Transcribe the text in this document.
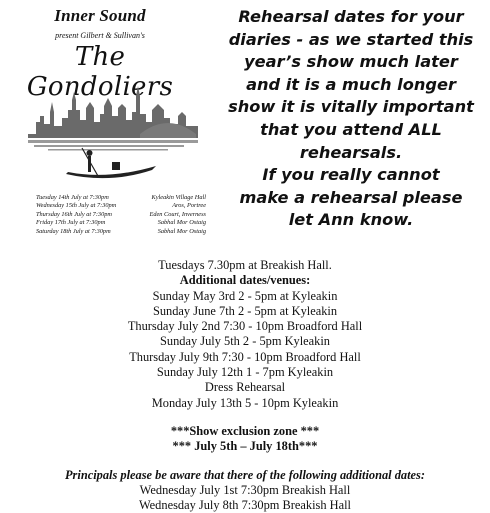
Inner Sound
present Gilbert & Sullivan's
The Gondoliers
Tuesday 14th July at 7:30pm	Kyleakin Village Hall
Wednesday 15th July at 7:30pm	Aros, Portree
Thursday 16th July at 7:30pm	Eden Court, Inverness
Friday 17th July at 7:30pm	Sabhal Mor Ostaig
Saturday 18th July at 7:30pm	Sabhal Mor Ostaig
Rehearsal dates for your
diaries - as we started this
year’s show much later
and it is a much longer
show it is vitally important
that you attend ALL
rehearsals.
If you really cannot
make a rehearsal please
let Ann know.
Tuesdays 7.30pm at Breakish Hall.
Additional dates/venues:
Sunday May 3rd 2 - 5pm at Kyleakin
Sunday June 7th 2 - 5pm at Kyleakin
Thursday July 2nd 7:30 - 10pm Broadford Hall
Sunday July 5th 2 - 5pm Kyleakin
Thursday July 9th 7:30 - 10pm Broadford Hall
Sunday July 12th 1 - 7pm Kyleakin
Dress Rehearsal
Monday July 13th 5 - 10pm Kyleakin
***Show exclusion zone ***
*** July 5th – July 18th***
Principals please be aware that there of the following additional dates:
Wednesday July 1st 7:30pm Breakish Hall
Wednesday July 8th 7:30pm Breakish Hall
